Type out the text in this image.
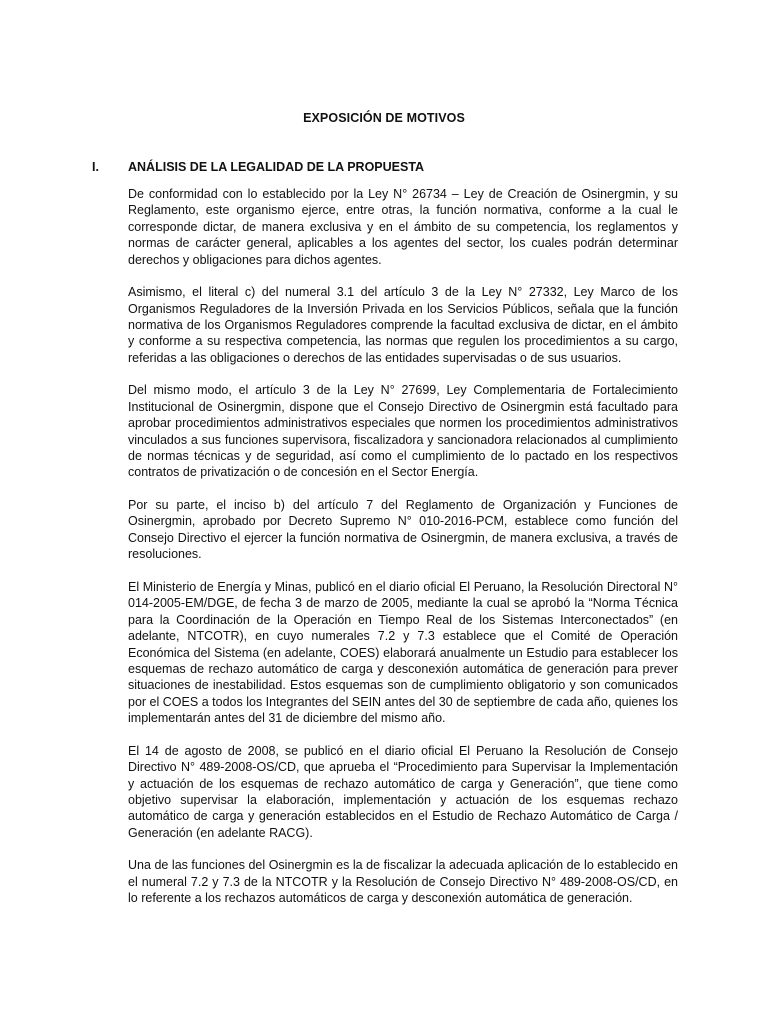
EXPOSICIÓN DE MOTIVOS
I. ANÁLISIS DE LA LEGALIDAD DE LA PROPUESTA

De conformidad con lo establecido por la Ley N° 26734 – Ley de Creación de Osinergmin, y su Reglamento, este organismo ejerce, entre otras, la función normativa, conforme a la cual le corresponde dictar, de manera exclusiva y en el ámbito de su competencia, los reglamentos y normas de carácter general, aplicables a los agentes del sector, los cuales podrán determinar derechos y obligaciones para dichos agentes.

Asimismo, el literal c) del numeral 3.1 del artículo 3 de la Ley N° 27332, Ley Marco de los Organismos Reguladores de la Inversión Privada en los Servicios Públicos, señala que la función normativa de los Organismos Reguladores comprende la facultad exclusiva de dictar, en el ámbito y conforme a su respectiva competencia, las normas que regulen los procedimientos a su cargo, referidas a las obligaciones o derechos de las entidades supervisadas o de sus usuarios.

Del mismo modo, el artículo 3 de la Ley N° 27699, Ley Complementaria de Fortalecimiento Institucional de Osinergmin, dispone que el Consejo Directivo de Osinergmin está facultado para aprobar procedimientos administrativos especiales que normen los procedimientos administrativos vinculados a sus funciones supervisora, fiscalizadora y sancionadora relacionados al cumplimiento de normas técnicas y de seguridad, así como el cumplimiento de lo pactado en los respectivos contratos de privatización o de concesión en el Sector Energía.

Por su parte, el inciso b) del artículo 7 del Reglamento de Organización y Funciones de Osinergmin, aprobado por Decreto Supremo N° 010-2016-PCM, establece como función del Consejo Directivo el ejercer la función normativa de Osinergmin, de manera exclusiva, a través de resoluciones.

El Ministerio de Energía y Minas, publicó en el diario oficial El Peruano, la Resolución Directoral N° 014-2005-EM/DGE, de fecha 3 de marzo de 2005, mediante la cual se aprobó la “Norma Técnica para la Coordinación de la Operación en Tiempo Real de los Sistemas Interconectados” (en adelante, NTCOTR), en cuyo numerales 7.2 y 7.3 establece que el Comité de Operación Económica del Sistema (en adelante, COES) elaborará anualmente un Estudio para establecer los esquemas de rechazo automático de carga y desconexión automática de generación para prever situaciones de inestabilidad. Estos esquemas son de cumplimiento obligatorio y son comunicados por el COES a todos los Integrantes del SEIN antes del 30 de septiembre de cada año, quienes los implementarán antes del 31 de diciembre del mismo año.

El 14 de agosto de 2008, se publicó en el diario oficial El Peruano la Resolución de Consejo Directivo N° 489-2008-OS/CD, que aprueba el “Procedimiento para Supervisar la Implementación y actuación de los esquemas de rechazo automático de carga y Generación”, que tiene como objetivo supervisar la elaboración, implementación y actuación de los esquemas rechazo automático de carga y generación establecidos en el Estudio de Rechazo Automático de Carga / Generación (en adelante RACG).

Una de las funciones del Osinergmin es la de fiscalizar la adecuada aplicación de lo establecido en el numeral 7.2 y 7.3 de la NTCOTR y la Resolución de Consejo Directivo N° 489-2008-OS/CD, en lo referente a los rechazos automáticos de carga y desconexión automática de generación.
